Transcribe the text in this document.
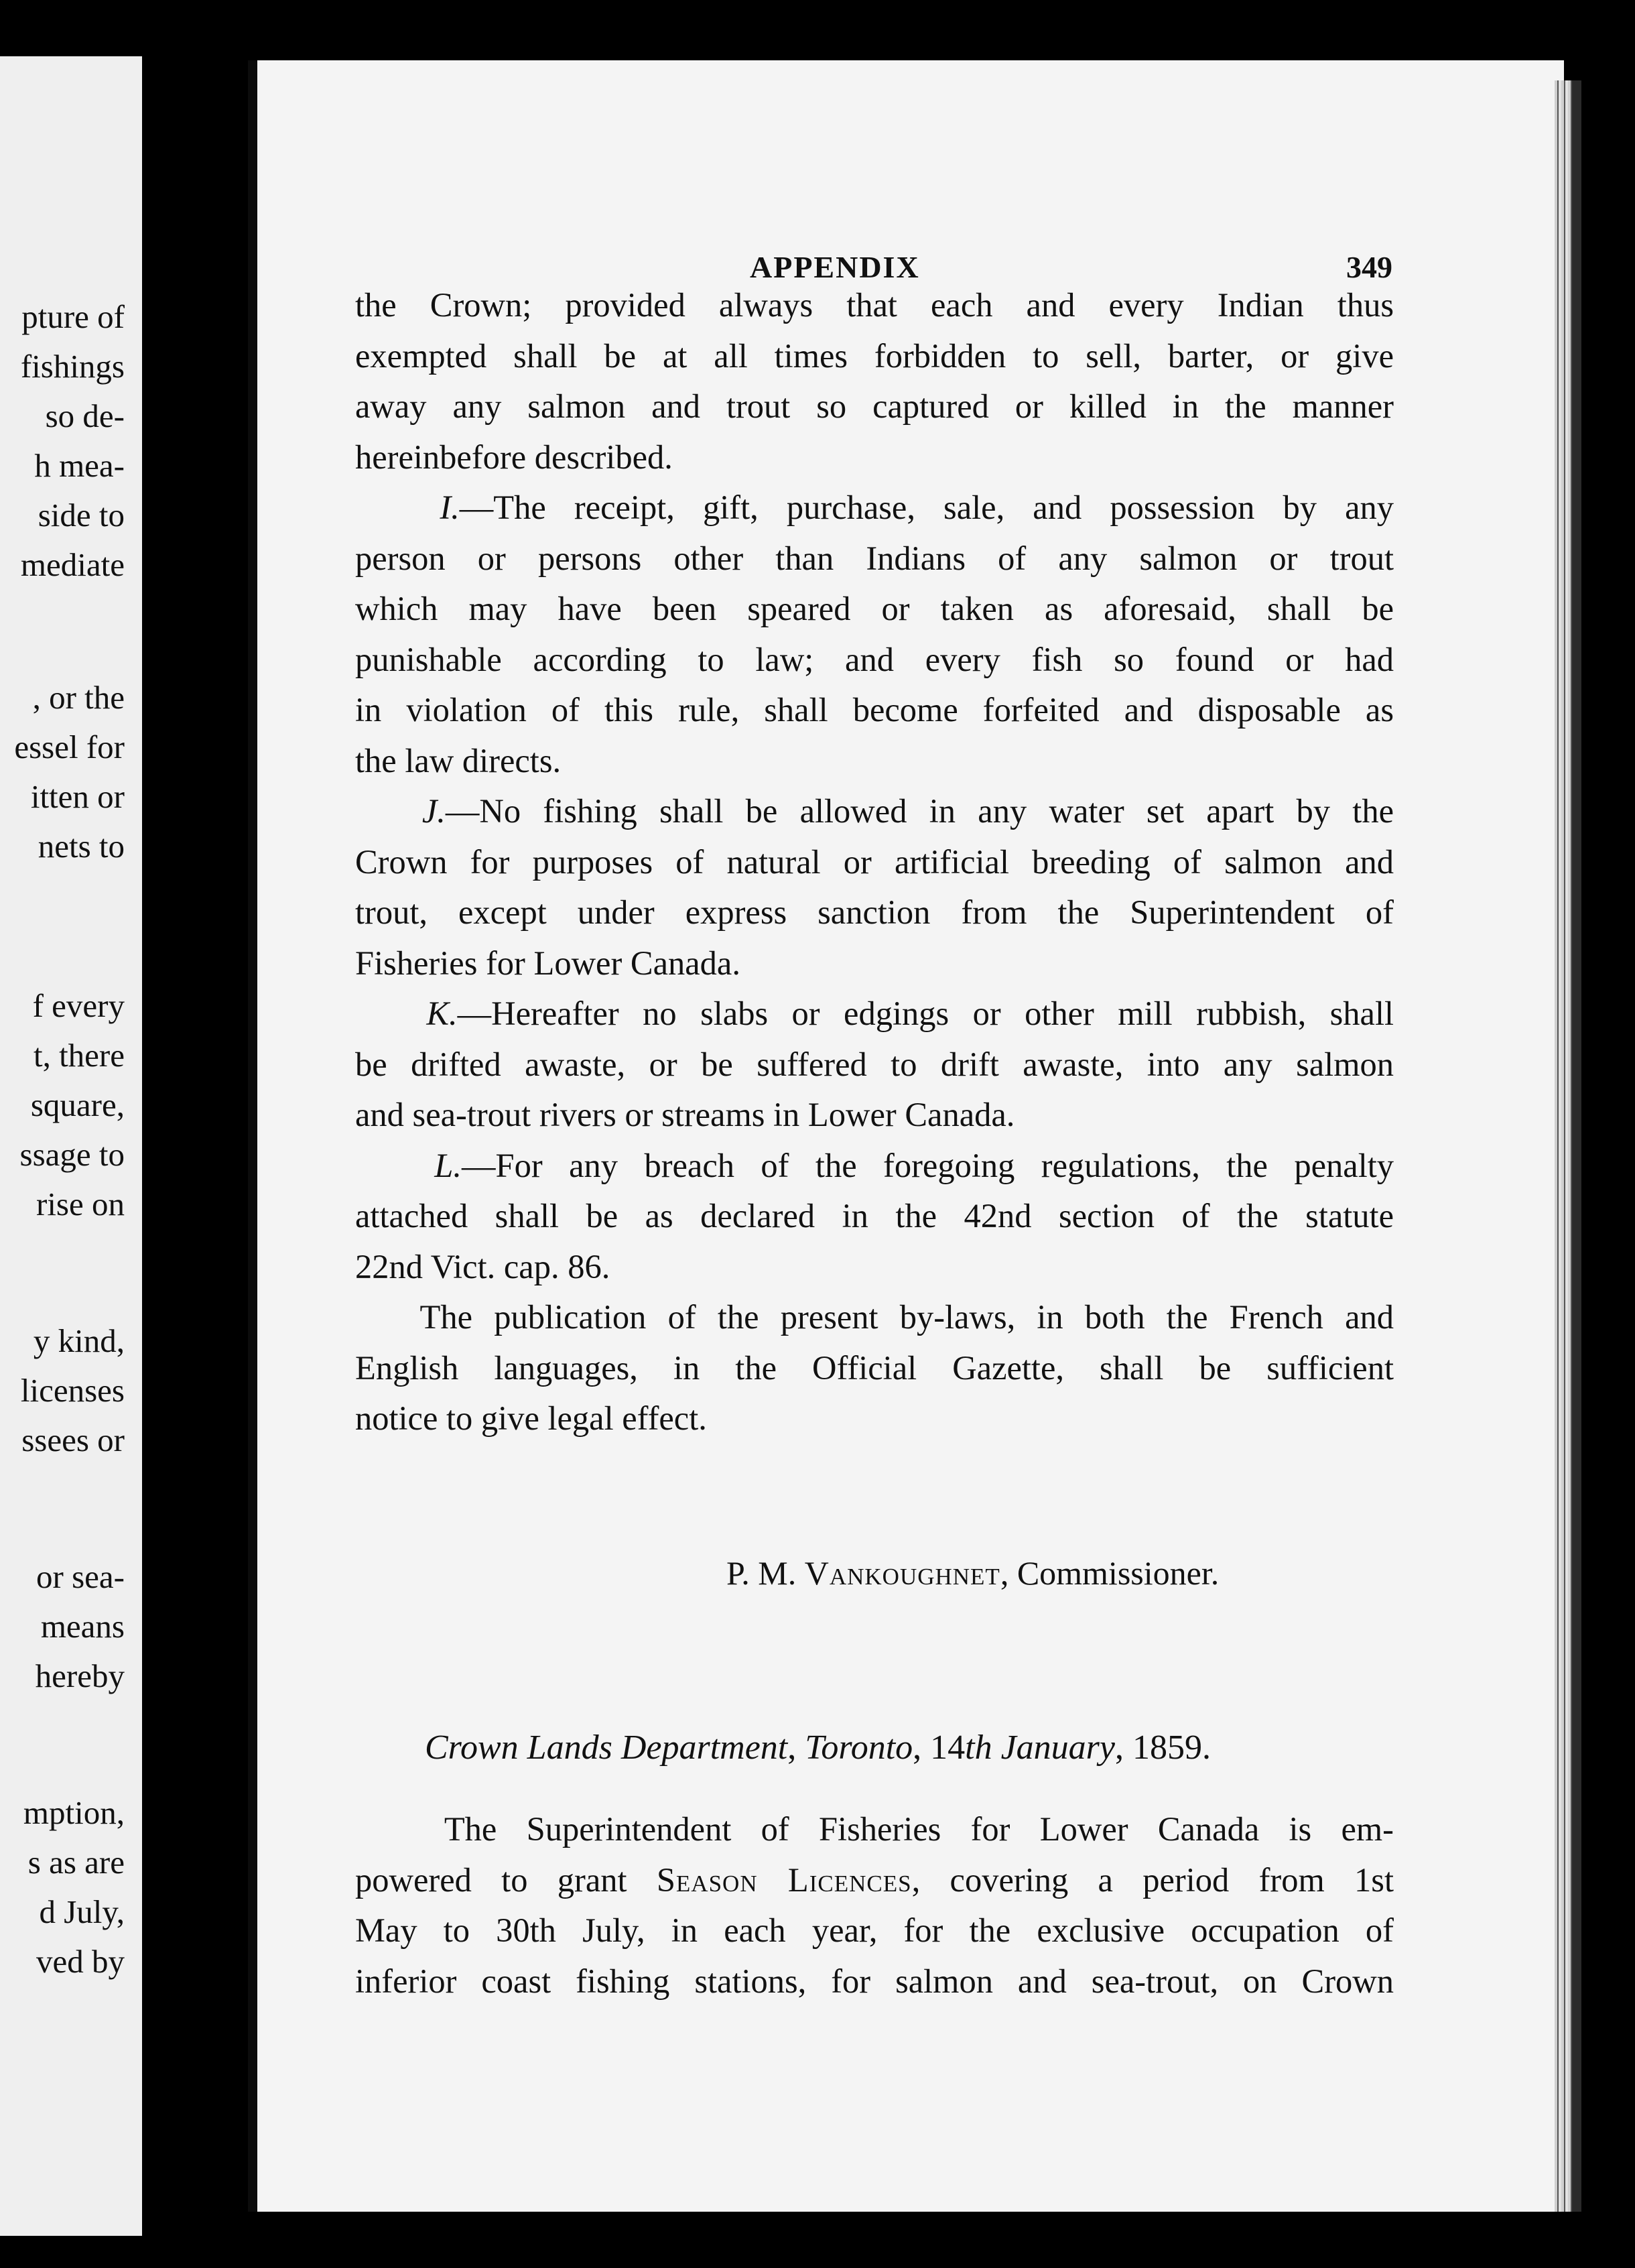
pture of
fishings
so de-
h mea-
side to
mediate
, or the
essel for
itten or
nets to
f every
t, there
square,
ssage to
rise on
y kind,
licenses
ssees or
or sea-
means
hereby
mption,
s as are
d July,
ved by
APPENDIX	349

the Crown; provided always that each and every Indian thus
exempted shall be at all times forbidden to sell, barter, or give
away any salmon and trout so captured or killed in the manner
hereinbefore described.

I.—The receipt, gift, purchase, sale, and possession by any
person or persons other than Indians of any salmon or trout
which may have been speared or taken as aforesaid, shall be
punishable according to law; and every fish so found or had
in violation of this rule, shall become forfeited and disposable as
the law directs.

J.—No fishing shall be allowed in any water set apart by the
Crown for purposes of natural or artificial breeding of salmon and
trout, except under express sanction from the Superintendent of
Fisheries for Lower Canada.

K.—Hereafter no slabs or edgings or other mill rubbish, shall
be drifted awaste, or be suffered to drift awaste, into any salmon
and sea-trout rivers or streams in Lower Canada.

L.—For any breach of the foregoing regulations, the penalty
attached shall be as declared in the 42nd section of the statute
22nd Vict. cap. 86.

The publication of the present by-laws, in both the French and
English languages, in the Official Gazette, shall be sufficient
notice to give legal effect.

P. M. Vankoughnet, Commissioner.
Crown Lands Department, Toronto, 14th January, 1859.

The Superintendent of Fisheries for Lower Canada is em-
powered to grant Season Licences, covering a period from 1st
May to 30th July, in each year, for the exclusive occupation of
inferior coast fishing stations, for salmon and sea-trout, on Crown
